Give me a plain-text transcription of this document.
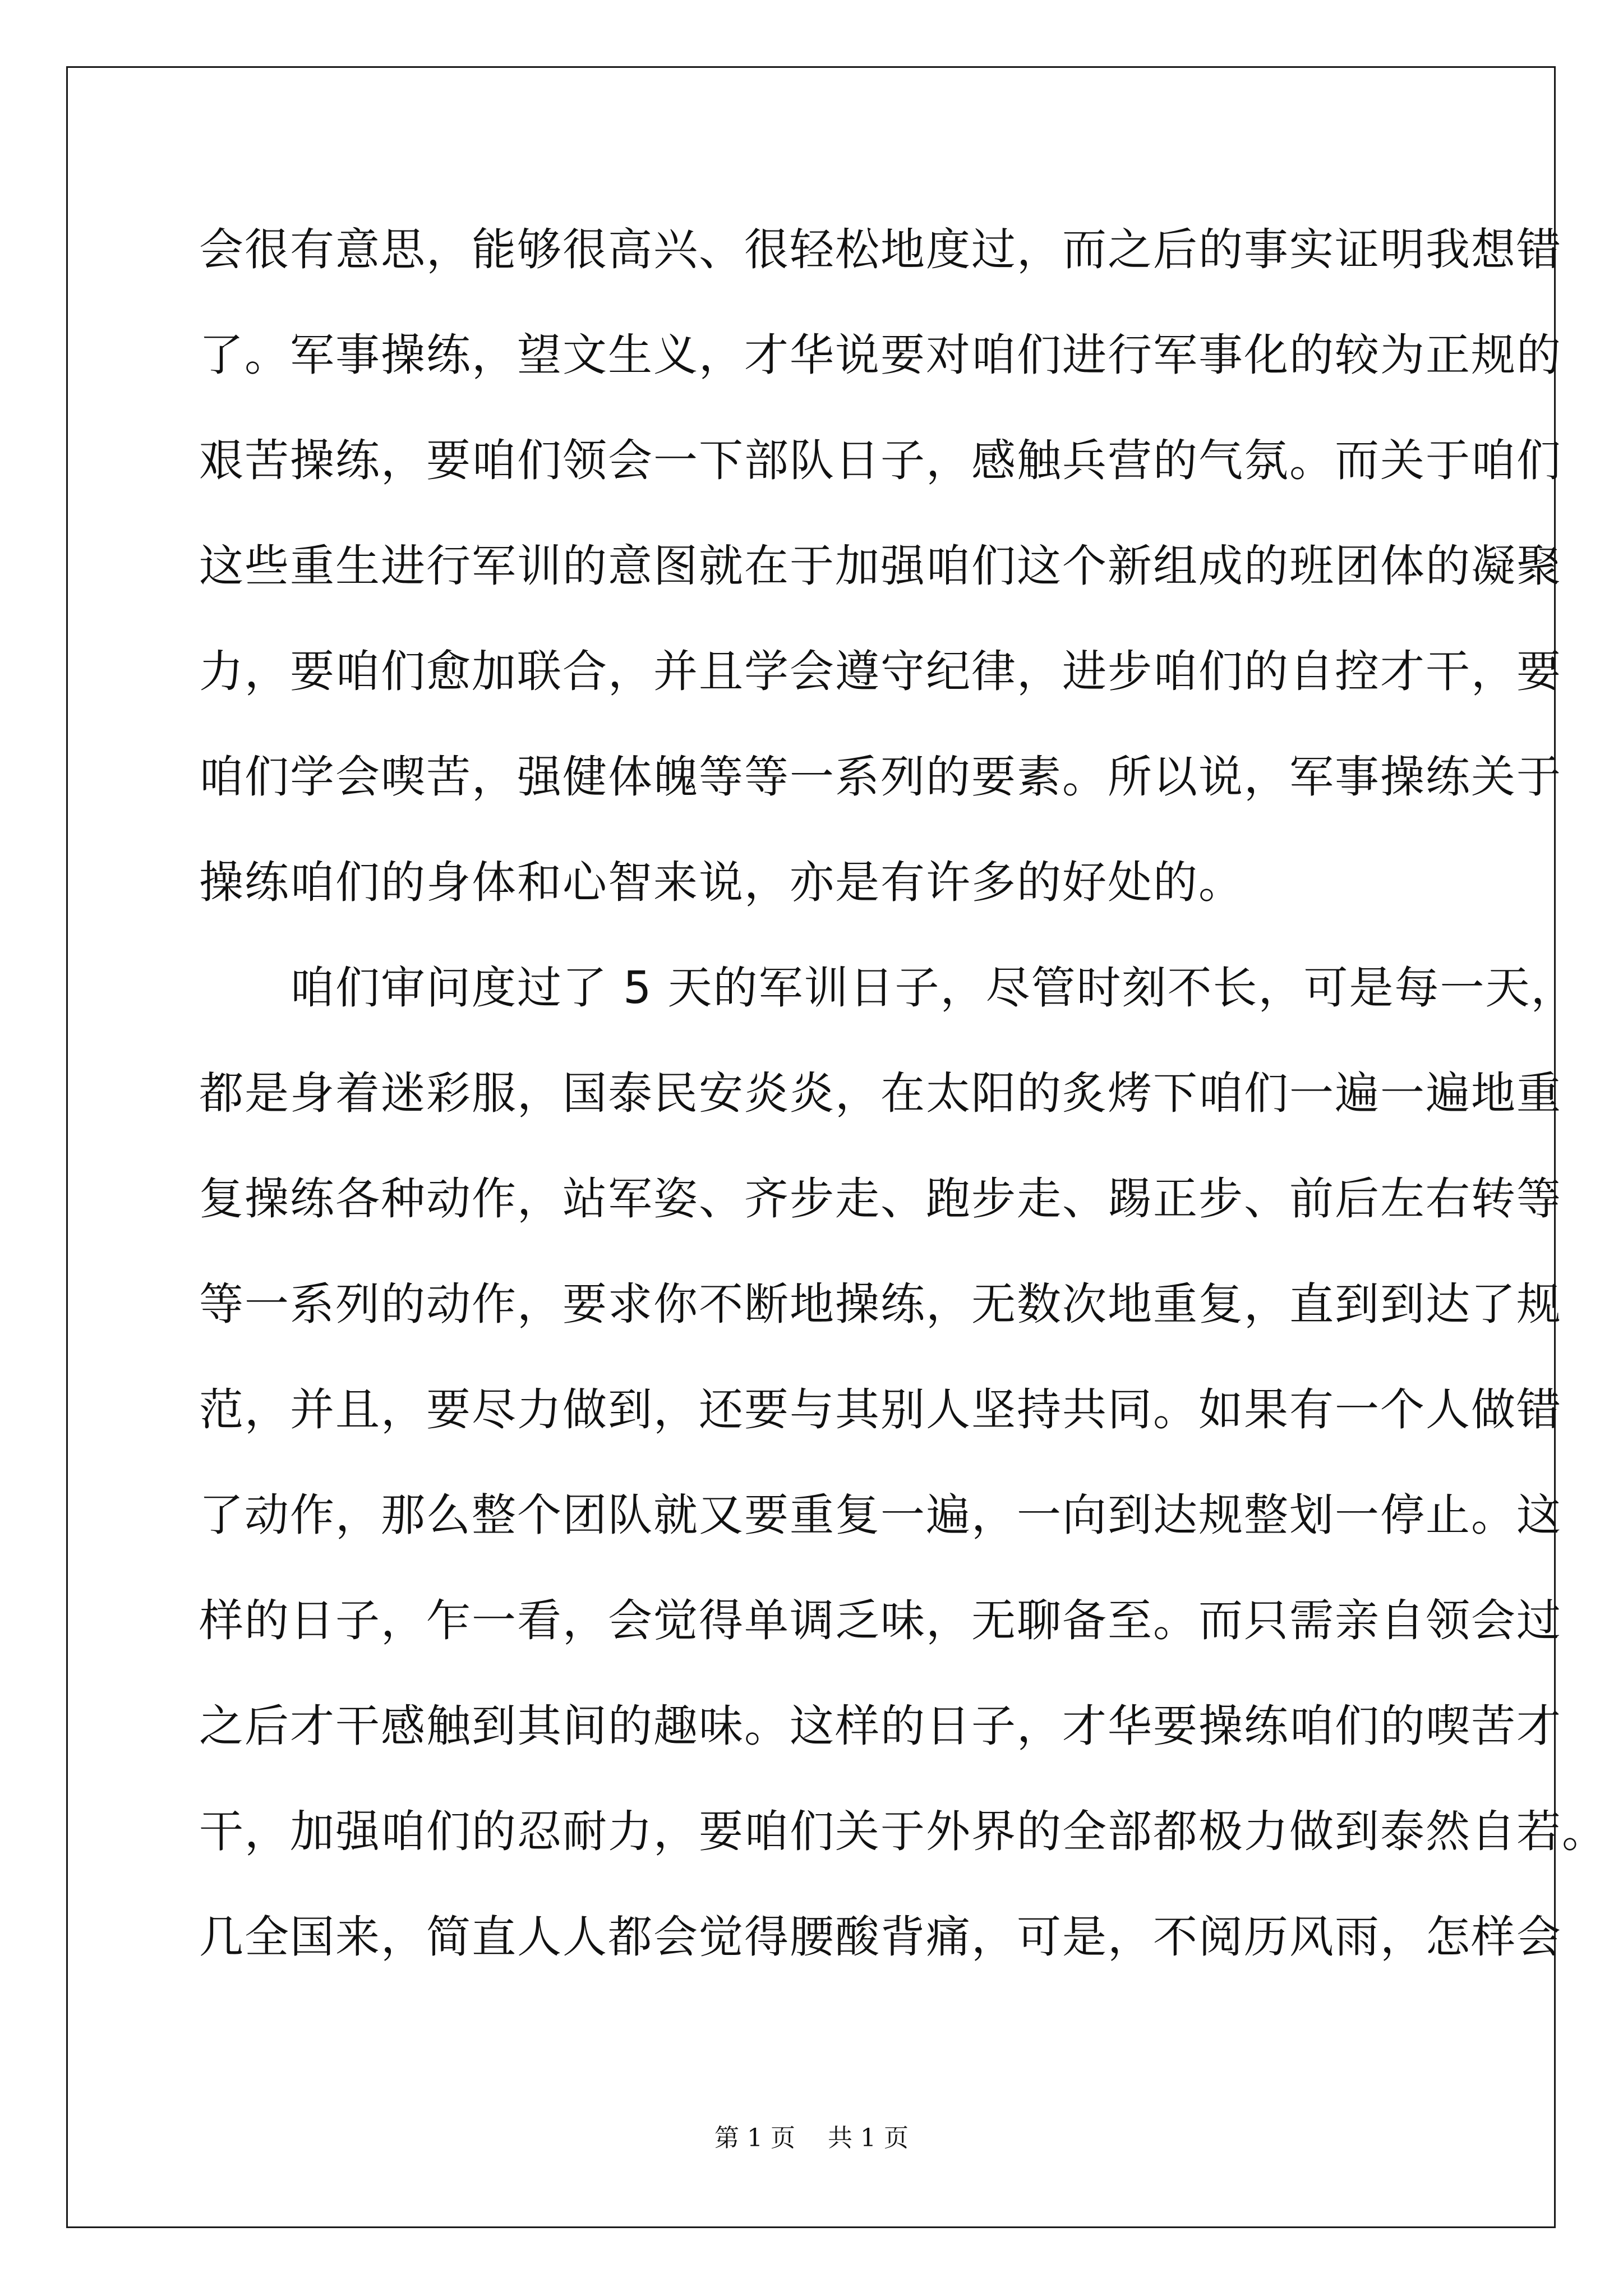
会很有意思，能够很高兴、很轻松地度过，而之后的事实证明我想错
了。军事操练，望文生义，才华说要对咱们进行军事化的较为正规的
艰苦操练，要咱们领会一下部队日子，感触兵营的气氛。而关于咱们
这些重生进行军训的意图就在于加强咱们这个新组成的班团体的凝聚
力，要咱们愈加联合，并且学会遵守纪律，进步咱们的自控才干，要
咱们学会喫苦，强健体魄等等一系列的要素。所以说，军事操练关于
操练咱们的身体和心智来说，亦是有许多的好处的。
　　咱们审问度过了 5 天的军训日子，尽管时刻不长，可是每一天，
都是身着迷彩服，国泰民安炎炎，在太阳的炙烤下咱们一遍一遍地重
复操练各种动作，站军姿、齐步走、跑步走、踢正步、前后左右转等
等一系列的动作，要求你不断地操练，无数次地重复，直到到达了规
范，并且，要尽力做到，还要与其别人坚持共同。如果有一个人做错
了动作，那么整个团队就又要重复一遍，一向到达规整划一停止。这
样的日子，乍一看，会觉得单调乏味，无聊备至。而只需亲自领会过
之后才干感触到其间的趣味。这样的日子，才华要操练咱们的喫苦才
干，加强咱们的忍耐力，要咱们关于外界的全部都极力做到泰然自若。
几全国来，简直人人都会觉得腰酸背痛，可是，不阅历风雨，怎样会
第 1 页　 共 1 页
